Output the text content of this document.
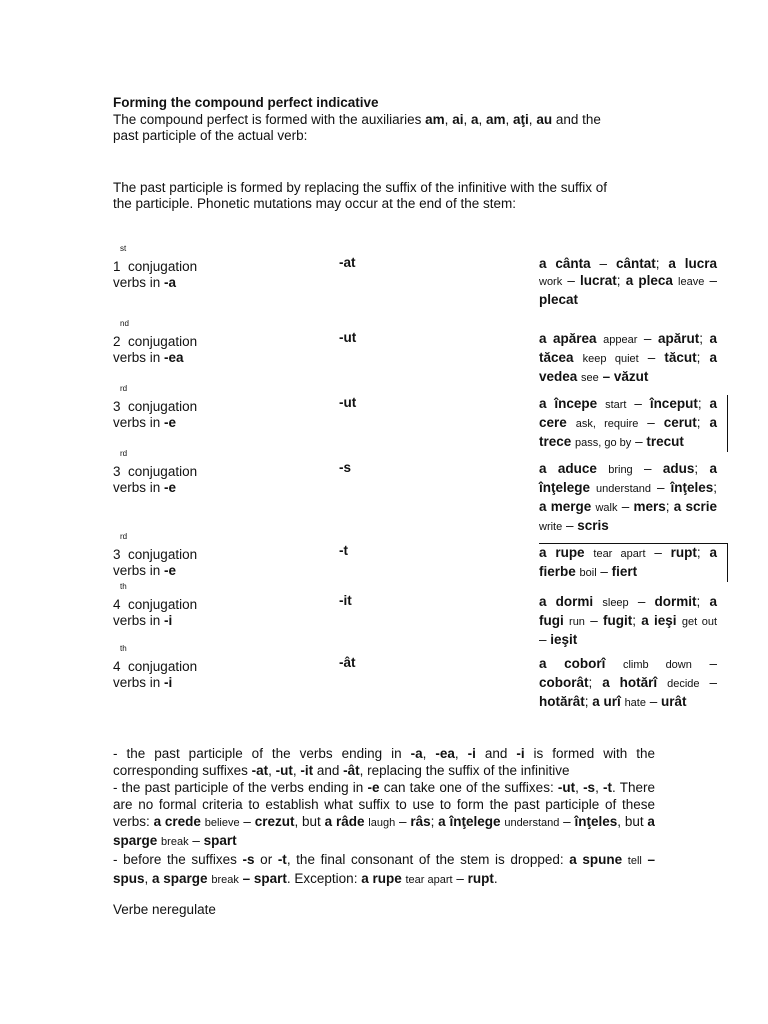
Forming the compound perfect indicative
The compound perfect is formed with the auxiliaries am, ai, a, am, aţi, au and the
past participle of the actual verb:
The past participle is formed by replacing the suffix of the infinitive with the suffix of
the participle. Phonetic mutations may occur at the end of the stem:
st
1 conjugation
verbs in -a
-at	a cânta – cântat; a lucra work – lucrat; a pleca leave – plecat
nd
2 conjugation
verbs in -ea
-ut	a apărea appear – apărut; a tăcea keep quiet – tăcut; a vedea see – văzut
rd
3 conjugation
verbs in -e
-ut	a începe start – început; a cere ask, require – cerut; a trece pass, go by – trecut
rd
3 conjugation
verbs in -e
-s	a aduce bring – adus; a înţelege understand – înţeles; a merge walk – mers; a scrie write – scris
rd
3 conjugation
verbs in -e
-t	a rupe tear apart – rupt; a fierbe boil – fiert
th
4 conjugation
verbs in -i
-it	a dormi sleep – dormit; a fugi run – fugit; a ieşi get out – ieşit
th
4 conjugation
verbs in -i
-ât	a coborî climb down – coborât; a hotărî decide – hotărât; a urî hate – urât
- the past participle of the verbs ending in -a, -ea, -i and -i is formed with the corresponding suffixes -at, -ut, -it and -ât, replacing the suffix of the infinitive
- the past participle of the verbs ending in -e can take one of the suffixes: -ut, -s, -t. There are no formal criteria to establish what suffix to use to form the past participle of these verbs: a crede believe – crezut, but a râde laugh – râs; a înţelege understand – înţeles, but a sparge break – spart
- before the suffixes -s or -t, the final consonant of the stem is dropped: a spune tell – spus, a sparge break – spart. Exception: a rupe tear apart – rupt.
Verbe neregulate
